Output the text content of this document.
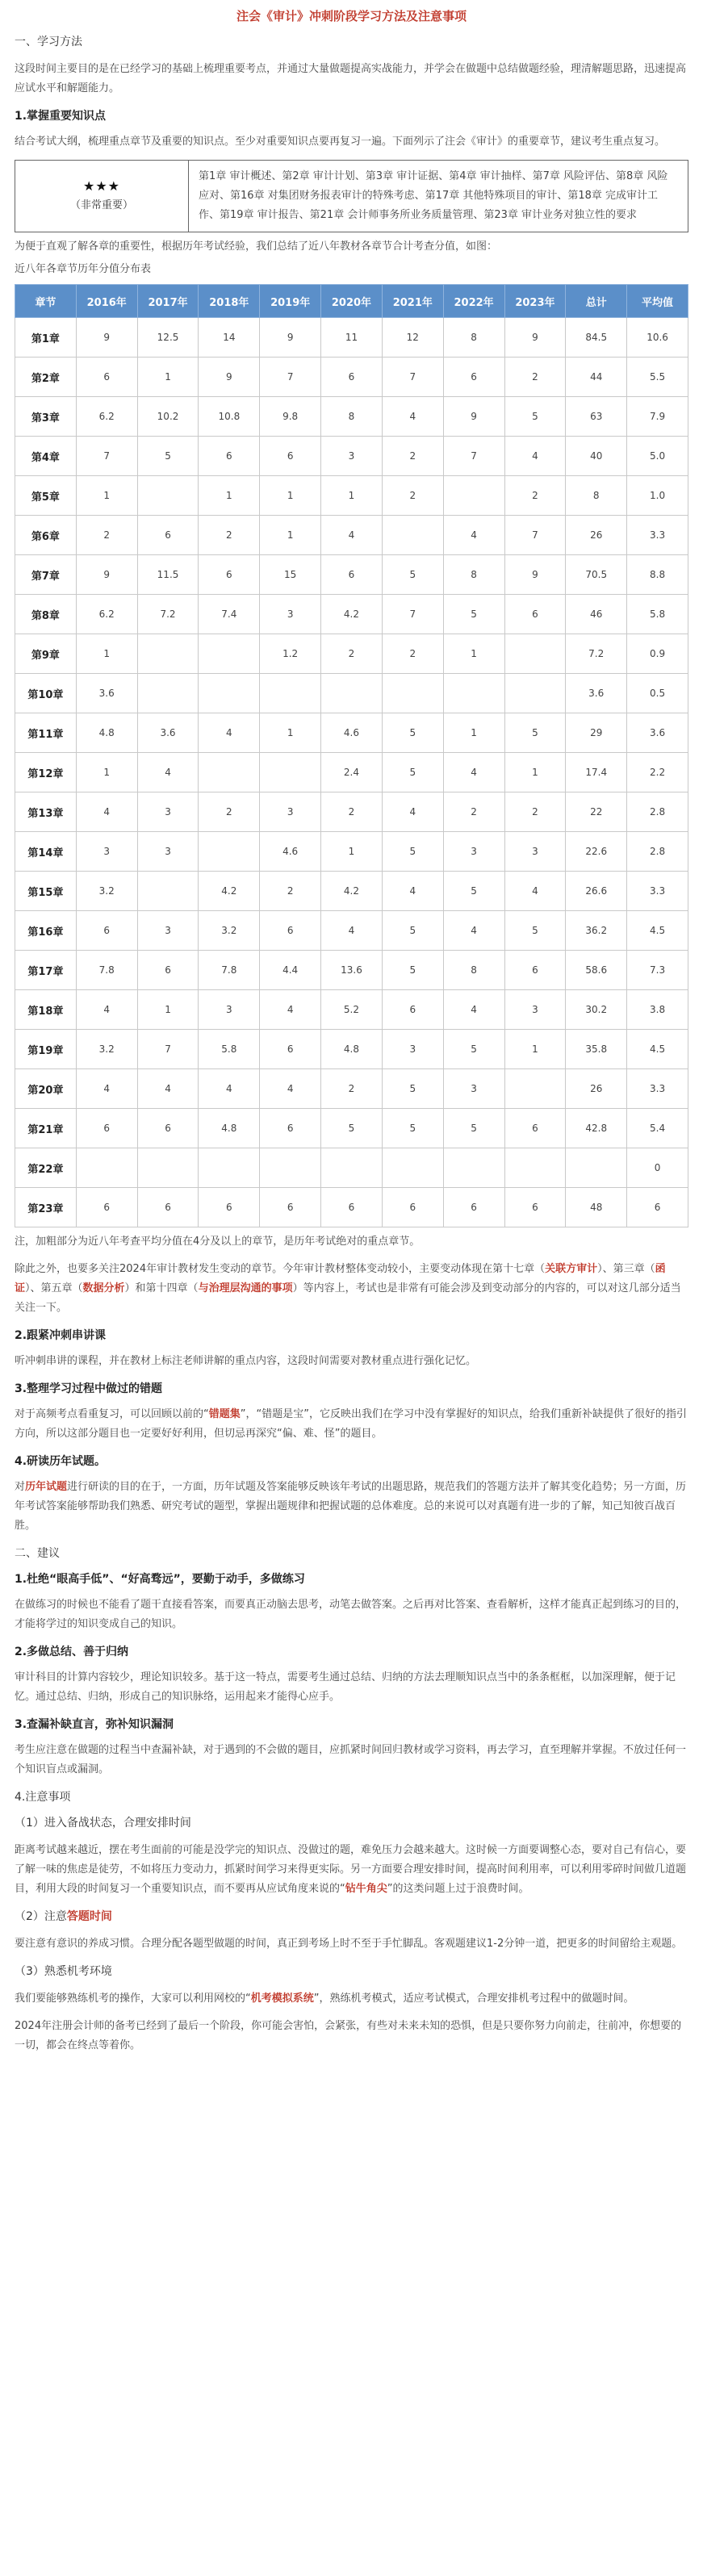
注会《审计》冲刺阶段学习方法及注意事项
一、学习方法

这段时间主要目的是在已经学习的基础上梳理重要考点，并通过大量做题提高实战能力，并学会在做题中总结做题经验，理清解题思路，迅速提高应试水平和解题能力。

1.掌握重要知识点

结合考试大纲，梳理重点章节及重要的知识点。至少对重要知识点要再复习一遍。下面列示了注会《审计》的重要章节，建议考生重点复习。

★★★
（非常重要）
	第1章 审计概述、第2章 审计计划、第3章 审计证据、第4章 审计抽样、第7章 风险评估、第8章 风险应对、第16章 对集团财务报表审计的特殊考虑、第17章 其他特殊项目的审计、第18章 完成审计工作、第19章 审计报告、第21章 会计师事务所业务质量管理、第23章 审计业务对独立性的要求

为便于直观了解各章的重要性，根据历年考试经验，我们总结了近八年教材各章节合计考查分值，如图：

近八年各章节历年分值分布表

章节	2016年	2017年	2018年	2019年	2020年	2021年	2022年	2023年	总计	平均值
第1章	9	12.5	14	9	11	12	8	9	84.5	10.6
第2章	6	1	9	7	6	7	6	2	44	5.5
第3章	6.2	10.2	10.8	9.8	8	4	9	5	63	7.9
第4章	7	5	6	6	3	2	7	4	40	5.0
第5章	1		1	1	1	2		2	8	1.0
第6章	2	6	2	1	4		4	7	26	3.3
第7章	9	11.5	6	15	6	5	8	9	70.5	8.8
第8章	6.2	7.2	7.4	3	4.2	7	5	6	46	5.8
第9章	1			1.2	2	2	1		7.2	0.9
第10章	3.6								3.6	0.5
第11章	4.8	3.6	4	1	4.6	5	1	5	29	3.6
第12章	1	4			2.4	5	4	1	17.4	2.2
第13章	4	3	2	3	2	4	2	2	22	2.8
第14章	3	3		4.6	1	5	3	3	22.6	2.8
第15章	3.2		4.2	2	4.2	4	5	4	26.6	3.3
第16章	6	3	3.2	6	4	5	4	5	36.2	4.5
第17章	7.8	6	7.8	4.4	13.6	5	8	6	58.6	7.3
第18章	4	1	3	4	5.2	6	4	3	30.2	3.8
第19章	3.2	7	5.8	6	4.8	3	5	1	35.8	4.5
第20章	4	4	4	4	2	5	3		26	3.3
第21章	6	6	4.8	6	5	5	5	6	42.8	5.4
第22章										0
第23章	6	6	6	6	6	6	6	6	48	6

注，加粗部分为近八年考查平均分值在4分及以上的章节，是历年考试绝对的重点章节。

除此之外，也要多关注2024年审计教材发生变动的章节。今年审计教材整体变动较小，主要变动体现在第十七章（关联方审计）、第三章（函证）、第五章（数据分析）和第十四章（与治理层沟通的事项）等内容上，考试也是非常有可能会涉及到变动部分的内容的，可以对这几部分适当关注一下。

2.跟紧冲刺串讲课

听冲刺串讲的课程，并在教材上标注老师讲解的重点内容，这段时间需要对教材重点进行强化记忆。

3.整理学习过程中做过的错题

对于高频考点看重复习，可以回顾以前的“错题集”，“错题是宝”，它反映出我们在学习中没有掌握好的知识点，给我们重新补缺提供了很好的指引方向，所以这部分题目也一定要好好利用，但切忌再深究“偏、难、怪”的题目。

4.研读历年试题。

对历年试题进行研读的目的在于，一方面，历年试题及答案能够反映该年考试的出题思路，规范我们的答题方法并了解其变化趋势；另一方面，历年考试答案能够帮助我们熟悉、研究考试的题型，掌握出题规律和把握试题的总体难度。总的来说可以对真题有进一步的了解，知己知彼百战百胜。

二、建议
1.杜绝“眼高手低”、“好高骛远”，要勤于动手，多做练习

在做练习的时候也不能看了题干直接看答案，而要真正动脑去思考，动笔去做答案。之后再对比答案、查看解析，这样才能真正起到练习的目的，才能将学过的知识变成自己的知识。

2.多做总结、善于归纳

审计科目的计算内容较少，理论知识较多。基于这一特点，需要考生通过总结、归纳的方法去理顺知识点当中的条条框框，以加深理解，便于记忆。通过总结、归纳，形成自己的知识脉络，运用起来才能得心应手。

3.查漏补缺直言，弥补知识漏洞

考生应注意在做题的过程当中查漏补缺，对于遇到的不会做的题目，应抓紧时间回归教材或学习资料，再去学习，直至理解并掌握。不放过任何一个知识盲点或漏洞。

4.注意事项
（1）进入备战状态，合理安排时间

距离考试越来越近，摆在考生面前的可能是没学完的知识点、没做过的题，难免压力会越来越大。这时候一方面要调整心态，要对自己有信心，要了解一味的焦虑是徒劳，不如将压力变动力，抓紧时间学习来得更实际。另一方面要合理安排时间，提高时间利用率，可以利用零碎时间做几道题目，利用大段的时间复习一个重要知识点，而不要再从应试角度来说的“钻牛角尖”的这类问题上过于浪费时间。

（2）注意答题时间

要注意有意识的养成习惯。合理分配各题型做题的时间，真正到考场上时不至于手忙脚乱。客观题建议1-2分钟一道，把更多的时间留给主观题。

（3）熟悉机考环境

我们要能够熟练机考的操作，大家可以利用网校的“机考模拟系统”，熟练机考模式，适应考试模式，合理安排机考过程中的做题时间。

2024年注册会计师的备考已经到了最后一个阶段，你可能会害怕，会紧张，有些对未来未知的恐惧，但是只要你努力向前走，往前冲，你想要的一切，都会在终点等着你。
